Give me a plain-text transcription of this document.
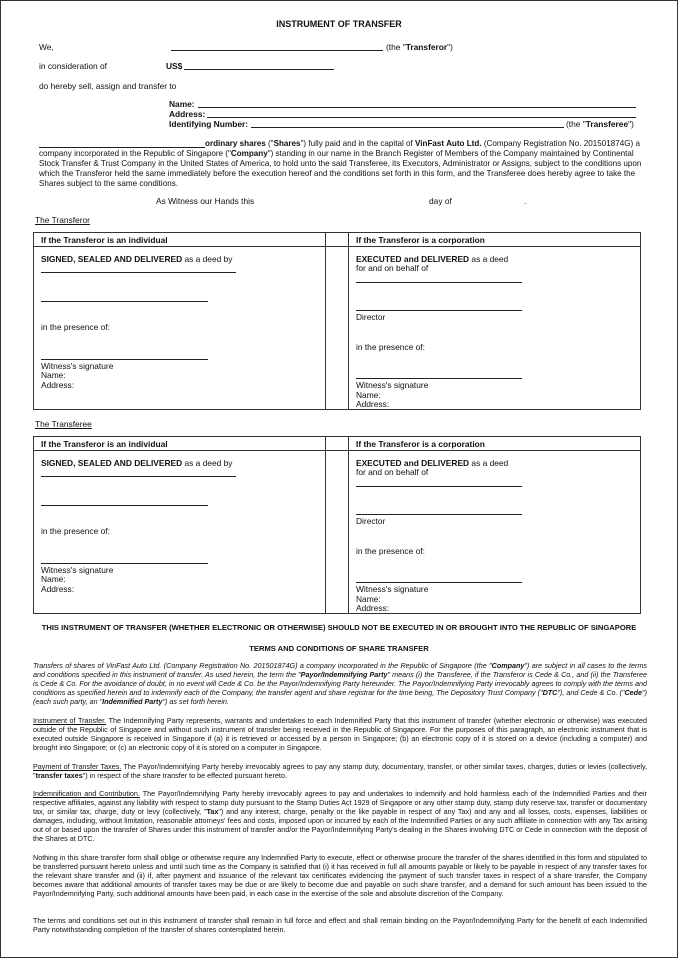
INSTRUMENT OF TRANSFER
We,	(the "Transferor")
in consideration of	US$
do hereby sell, assign and transfer to
Name:
Address:
Identifying Number:	(the "Transferee")
ordinary shares ("Shares") fully paid and in the capital of VinFast Auto Ltd. (Company Registration No. 201501874G) a company incorporated in the Republic of Singapore ("Company") standing in our name in the Branch Register of Members of the Company maintained by Continental Stock Transfer & Trust Company in the United States of America, to hold unto the said Transferee, its Executors, Administrator or Assigns, subject to the conditions upon which the Transferor held the same immediately before the execution hereof and the conditions set forth in this form, and the Transferee does hereby agree to take the Shares subject to the same conditions.
As Witness our Hands this	day of	.
The Transferor
If the Transferor is an individual	If the Transferor is a corporation
SIGNED, SEALED AND DELIVERED as a deed by
in the presence of:
Witness's signature
Name:
Address:
EXECUTED and DELIVERED as a deed
for and on behalf of
Director
in the presence of:
Witness's signature
Name:
Address:
The Transferee
If the Transferor is an individual	If the Transferor is a corporation
SIGNED, SEALED AND DELIVERED as a deed by
in the presence of:
Witness's signature
Name:
Address:
EXECUTED and DELIVERED as a deed
for and on behalf of
Director
in the presence of:
Witness's signature
Name:
Address:
THIS INSTRUMENT OF TRANSFER (WHETHER ELECTRONIC OR OTHERWISE) SHOULD NOT BE EXECUTED IN OR BROUGHT INTO THE REPUBLIC OF SINGAPORE
TERMS AND CONDITIONS OF SHARE TRANSFER
Transfers of shares of VinFast Auto Ltd. (Company Registration No. 201501874G) a company incorporated in the Republic of Singapore (the "Company") are subject in all cases to the terms and conditions specified in this instrument of transfer. As used herein, the term the "Payor/Indemnifying Party" means (i) the Transferee, if the Transferor is Cede & Co., and (ii) the Transferee is Cede & Co. For the avoidance of doubt, in no event will Cede & Co. be the Payor/Indemnifying Party hereunder. The Payor/Indemnifying Party irrevocably agrees to comply with the terms and conditions as specified herein and to indemnify each of the Company, the transfer agent and share registrar for the time being, The Depository Trust Company ("DTC"), and Cede & Co. ("Cede") (each such party, an "Indemnified Party") as set forth herein.
Instrument of Transfer. The Indemnifying Party represents, warrants and undertakes to each Indemnified Party that this instrument of transfer (whether electronic or otherwise) was executed outside of the Republic of Singapore and without such instrument of transfer being received in the Republic of Singapore. For the purposes of this paragraph, an electronic instrument that is executed outside Singapore is received in Singapore if (a) it is retrieved or accessed by a person in Singapore; (b) an electronic copy of it is stored on a device (including a computer) and brought into Singapore; or (c) an electronic copy of it is stored on a computer in Singapore.
Payment of Transfer Taxes. The Payor/Indemnifying Party hereby irrevocably agrees to pay any stamp duty, documentary, transfer, or other similar taxes, charges, duties or levies (collectively, "transfer taxes") in respect of the share transfer to be effected pursuant hereto.
Indemnification and Contribution. The Payor/Indemnifying Party hereby irrevocably agrees to pay and undertakes to indemnify and hold harmless each of the Indemnified Parties and their respective affiliates, against any liability with respect to stamp duty pursuant to the Stamp Duties Act 1929 of Singapore or any other stamp duty, stamp duty reserve tax, transfer or documentary tax, or similar tax, charge, duty or levy (collectively, "Tax") and any interest, charge, penalty or the like payable in respect of any Tax) and any and all losses, costs, expenses, liabilities or damages, including, without limitation, reasonable attorneys' fees and costs, imposed upon or incurred by each of the Indemnified Parties or any such affiliate in connection with any Tax arising out of or based upon the transfer of Shares under this instrument of transfer and/or the Payor/Indemnifying Party's dealing in the Shares involving DTC or Cede in connection with the deposit of the Shares at DTC.
Nothing in this share transfer form shall oblige or otherwise require any Indemnified Party to execute, effect or otherwise procure the transfer of the shares identified in this form and stipulated to be transferred pursuant hereto unless and until such time as the Company is satisfied that (i) it has received in full all amounts payable or likely to be payable in respect of any transfer taxes for the relevant share transfer and (ii) if, after payment and issuance of the relevant tax certificates evidencing the payment of such transfer taxes in respect of a share transfer, the Company becomes aware that additional amounts of transfer taxes may be due or are likely to become due and payable on such share transfer, and a demand for such amount has been issued to the Payor/Indemnifying Party, such additional amounts have been paid, in each case in the exercise of the sole and absolute discretion of the Company.
The terms and conditions set out in this instrument of transfer shall remain in full force and effect and shall remain binding on the Payor/Indemnifying Party for the benefit of each Indemnified Party notwithstanding completion of the transfer of shares contemplated herein.
